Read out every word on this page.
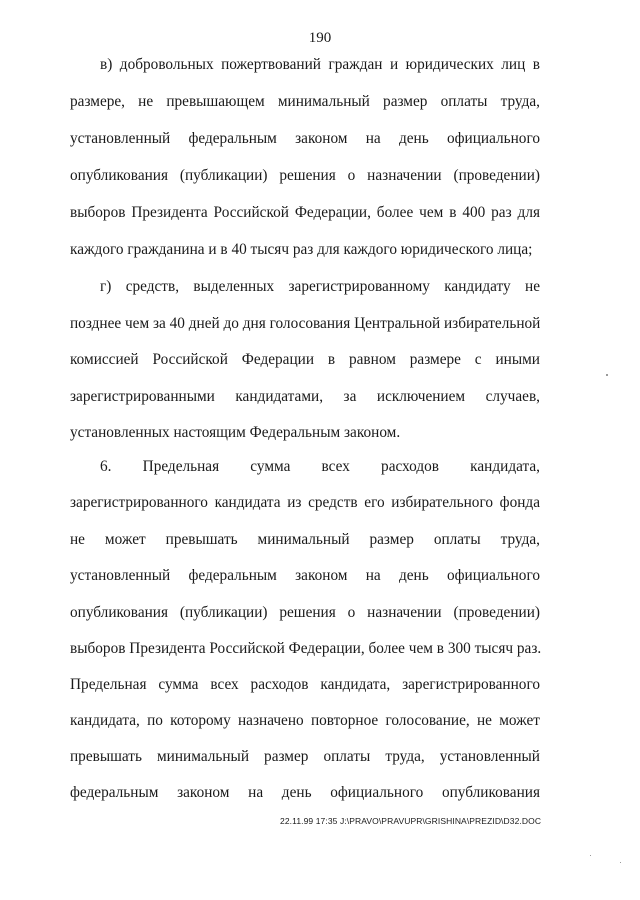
190
в) добровольных пожертвований граждан и юридических лиц в
размере, не превышающем минимальный размер оплаты труда,
установленный федеральным законом на день официального
опубликования (публикации) решения о назначении (проведении)
выборов Президента Российской Федерации, более чем в 400 раз для
каждого гражданина и в 40 тысяч раз для каждого юридического лица;
г) средств, выделенных зарегистрированному кандидату не
позднее чем за 40 дней до дня голосования Центральной избирательной
комиссией Российской Федерации в равном размере с иными
зарегистрированными кандидатами, за исключением случаев,
установленных настоящим Федеральным законом.
6. Предельная сумма всех расходов кандидата,
зарегистрированного кандидата из средств его избирательного фонда
не может превышать минимальный размер оплаты труда,
установленный федеральным законом на день официального
опубликования (публикации) решения о назначении (проведении)
выборов Президента Российской Федерации, более чем в 300 тысяч раз.
Предельная сумма всех расходов кандидата, зарегистрированного
кандидата, по которому назначено повторное голосование, не может
превышать минимальный размер оплаты труда, установленный
федеральным законом на день официального опубликования
22.11.99 17:35 J:\PRAVO\PRAVUPR\GRISHINA\PREZID\D32.DOC
